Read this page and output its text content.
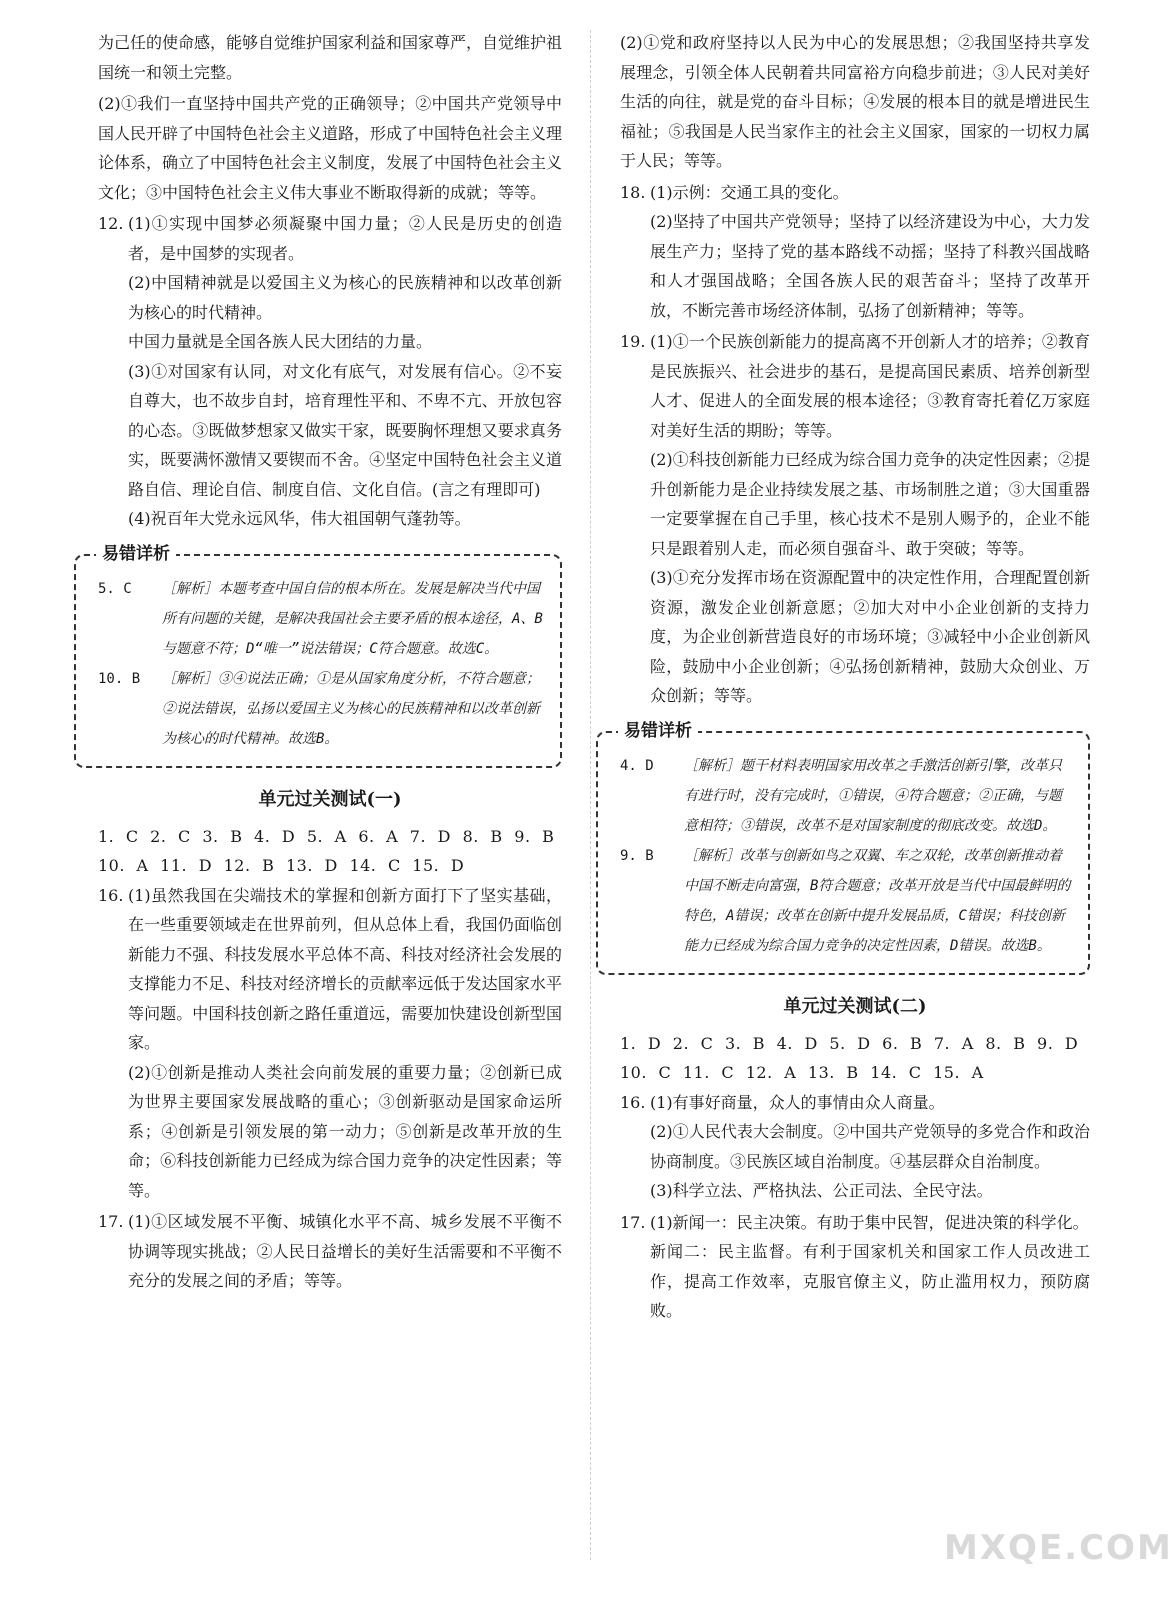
为己任的使命感，能够自觉维护国家利益和国家尊严，自觉维护祖国统一和领土完整。

(2)①我们一直坚持中国共产党的正确领导；②中国共产党领导中国人民开辟了中国特色社会主义道路，形成了中国特色社会主义理论体系，确立了中国特色社会主义制度，发展了中国特色社会主义文化；③中国特色社会主义伟大事业不断取得新的成就；等等。

12. (1)①实现中国梦必须凝聚中国力量；②人民是历史的创造者，是中国梦的实现者。

(2)中国精神就是以爱国主义为核心的民族精神和以改革创新为核心的时代精神。

中国力量就是全国各族人民大团结的力量。

(3)①对国家有认同，对文化有底气，对发展有信心。②不妄自尊大，也不故步自封，培育理性平和、不卑不亢、开放包容的心态。③既做梦想家又做实干家，既要胸怀理想又要求真务实，既要满怀激情又要锲而不舍。④坚定中国特色社会主义道路自信、理论自信、制度自信、文化自信。(言之有理即可)

(4)祝百年大党永远风华，伟大祖国朝气蓬勃等。

易错详析
5. C	［解析］本题考查中国自信的根本所在。发展是解决当代中国所有问题的关键，是解决我国社会主要矛盾的根本途径，A、B与题意不符；D“唯一”说法错误；C符合题意。故选C。
10. B	［解析］③④说法正确；①是从国家角度分析，不符合题意；②说法错误，弘扬以爱国主义为核心的民族精神和以改革创新为核心的时代精神。故选B。
单元过关测试(一)

1. C 2. C 3. B 4. D 5. A 6. A 7. D 8. B 9. B

10. A 11. D 12. B 13. D 14. C 15. D

16. (1)虽然我国在尖端技术的掌握和创新方面打下了坚实基础，在一些重要领域走在世界前列，但从总体上看，我国仍面临创新能力不强、科技发展水平总体不高、科技对经济社会发展的支撑能力不足、科技对经济增长的贡献率远低于发达国家水平等问题。中国科技创新之路任重道远，需要加快建设创新型国家。

(2)①创新是推动人类社会向前发展的重要力量；②创新已成为世界主要国家发展战略的重心；③创新驱动是国家命运所系；④创新是引领发展的第一动力；⑤创新是改革开放的生命；⑥科技创新能力已经成为综合国力竞争的决定性因素；等等。

17. (1)①区域发展不平衡、城镇化水平不高、城乡发展不平衡不协调等现实挑战；②人民日益增长的美好生活需要和不平衡不充分的发展之间的矛盾；等等。

(2)①党和政府坚持以人民为中心的发展思想；②我国坚持共享发展理念，引领全体人民朝着共同富裕方向稳步前进；③人民对美好生活的向往，就是党的奋斗目标；④发展的根本目的就是增进民生福祉；⑤我国是人民当家作主的社会主义国家，国家的一切权力属于人民；等等。

18. (1)示例：交通工具的变化。

(2)坚持了中国共产党领导；坚持了以经济建设为中心，大力发展生产力；坚持了党的基本路线不动摇；坚持了科教兴国战略和人才强国战略；全国各族人民的艰苦奋斗；坚持了改革开放，不断完善市场经济体制，弘扬了创新精神；等等。

19. (1)①一个民族创新能力的提高离不开创新人才的培养；②教育是民族振兴、社会进步的基石，是提高国民素质、培养创新型人才、促进人的全面发展的根本途径；③教育寄托着亿万家庭对美好生活的期盼；等等。

(2)①科技创新能力已经成为综合国力竞争的决定性因素；②提升创新能力是企业持续发展之基、市场制胜之道；③大国重器一定要掌握在自己手里，核心技术不是别人赐予的，企业不能只是跟着别人走，而必须自强奋斗、敢于突破；等等。

(3)①充分发挥市场在资源配置中的决定性作用，合理配置创新资源，激发企业创新意愿；②加大对中小企业创新的支持力度，为企业创新营造良好的市场环境；③减轻中小企业创新风险，鼓励中小企业创新；④弘扬创新精神，鼓励大众创业、万众创新；等等。

易错详析
4. D	［解析］题干材料表明国家用改革之手激活创新引擎，改革只有进行时，没有完成时，①错误，④符合题意；②正确，与题意相符；③错误，改革不是对国家制度的彻底改变。故选D。
9. B	［解析］改革与创新如鸟之双翼、车之双轮，改革创新推动着中国不断走向富强，B符合题意；改革开放是当代中国最鲜明的特色，A错误；改革在创新中提升发展品质，C错误；科技创新能力已经成为综合国力竞争的决定性因素，D错误。故选B。
单元过关测试(二)

1. D 2. C 3. B 4. D 5. D 6. B 7. A 8. B 9. D

10. C 11. C 12. A 13. B 14. C 15. A

16. (1)有事好商量，众人的事情由众人商量。

(2)①人民代表大会制度。②中国共产党领导的多党合作和政治协商制度。③民族区域自治制度。④基层群众自治制度。

(3)科学立法、严格执法、公正司法、全民守法。

17. (1)新闻一：民主决策。有助于集中民智，促进决策的科学化。

新闻二：民主监督。有利于国家机关和国家工作人员改进工作，提高工作效率，克服官僚主义，防止滥用权力，预防腐败。

MXQE.COM
